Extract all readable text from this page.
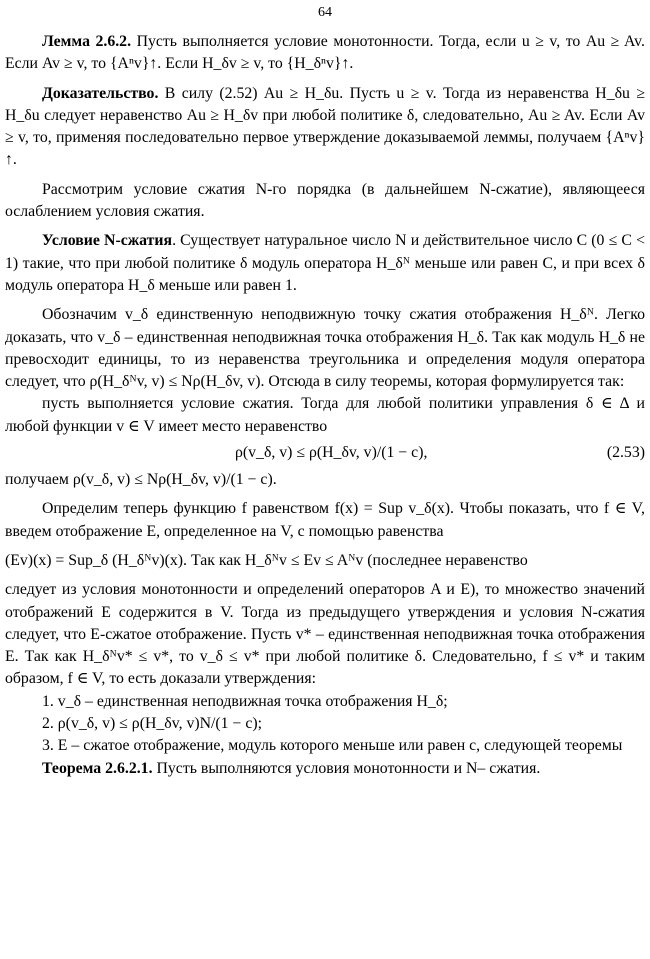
64

Лемма 2.6.2. Пусть выполняется условие монотонности. Тогда, если u ≥ v, то Au ≥ Av. Если Av ≥ v, то {Aⁿv}↑. Если H_δv ≥ v, то {H_δⁿv}↑.

Доказательство. В силу (2.52) Au ≥ H_δu. Пусть u ≥ v. Тогда из неравенства H_δu ≥ H_δu следует неравенство Au ≥ H_δv при любой политике δ, следовательно, Au ≥ Av. Если Av ≥ v, то, применяя последовательно первое утверждение доказываемой леммы, получаем {Aⁿv}↑.

Рассмотрим условие сжатия N-го порядка (в дальнейшем N-сжатие), являющееся ослаблением условия сжатия.

Условие N-сжатия. Существует натуральное число N и действительное число C (0 ≤ C < 1) такие, что при любой политике δ модуль оператора H_δᴺ меньше или равен C, и при всех δ модуль оператора H_δ меньше или равен 1.

Обозначим v_δ единственную неподвижную точку сжатия отображения H_δᴺ. Легко доказать, что v_δ – единственная неподвижная точка отображения H_δ. Так как модуль H_δ не превосходит единицы, то из неравенства треугольника и определения модуля оператора следует, что ρ(H_δᴺv, v) ≤ Nρ(H_δv, v). Отсюда в силу теоремы, которая формулируется так:

пусть выполняется условие сжатия. Тогда для любой политики управления δ ∈ Δ и любой функции v ∈ V имеет место неравенство

ρ(v_δ, v) ≤ ρ(H_δv, v)/(1 − c),	(2.53)

получаем ρ(v_δ, v) ≤ Nρ(H_δv, v)/(1 − c).

Определим теперь функцию f равенством f(x) = Sup v_δ(x). Чтобы показать, что f ∈ V, введем отображение E, определенное на V, с помощью равенства

(Ev)(x) = Sup_δ (H_δᴺv)(x). Так как H_δᴺv ≤ Ev ≤ Aᴺv (последнее неравенство

следует из условия монотонности и определений операторов A и E), то множество значений отображений E содержится в V. Тогда из предыдущего утверждения и условия N-сжатия следует, что E-сжатое отображение. Пусть v* – единственная неподвижная точка отображения E. Так как H_δᴺv* ≤ v*, то v_δ ≤ v* при любой политике δ. Следовательно, f ≤ v* и таким образом, f ∈ V, то есть доказали утверждения:

1. v_δ – единственная неподвижная точка отображения H_δ;

2. ρ(v_δ, v) ≤ ρ(H_δv, v)N/(1 − c);

3. E – сжатое отображение, модуль которого меньше или равен c, следующей теоремы

Теорема 2.6.2.1. Пусть выполняются условия монотонности и N– сжатия.
